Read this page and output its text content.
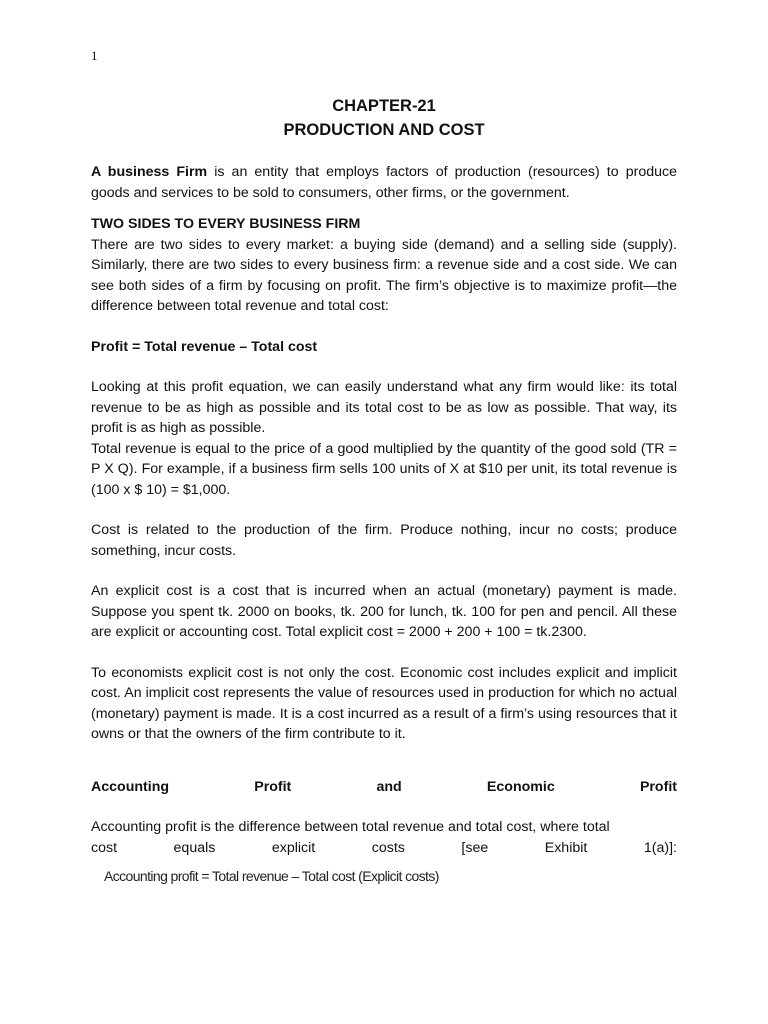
1
CHAPTER-21
PRODUCTION AND COST

A business Firm is an entity that employs factors of production (resources) to produce goods and services to be sold to consumers, other firms, or the government.

TWO SIDES TO EVERY BUSINESS FIRM

There are two sides to every market: a buying side (demand) and a selling side (supply). Similarly, there are two sides to every business firm: a revenue side and a cost side. We can see both sides of a firm by focusing on profit. The firm’s objective is to maximize profit—the difference between total revenue and total cost:

Profit = Total revenue – Total cost

Looking at this profit equation, we can easily understand what any firm would like: its total revenue to be as high as possible and its total cost to be as low as possible. That way, its profit is as high as possible.

Total revenue is equal to the price of a good multiplied by the quantity of the good sold (TR = P X Q). For example, if a business firm sells 100 units of X at $10 per unit, its total revenue is (100 x $ 10) = $1,000.

Cost is related to the production of the firm. Produce nothing, incur no costs; produce something, incur costs.

An explicit cost is a cost that is incurred when an actual (monetary) payment is made. Suppose you spent tk. 2000 on books, tk. 200 for lunch, tk. 100 for pen and pencil. All these are explicit or accounting cost. Total explicit cost = 2000 + 200 + 100 = tk.2300.

To economists explicit cost is not only the cost. Economic cost includes explicit and implicit cost. An implicit cost represents the value of resources used in production for which no actual (monetary) payment is made. It is a cost incurred as a result of a firm’s using resources that it owns or that the owners of the firm contribute to it.

Accounting	Profit	and	Economic	Profit

Accounting profit is the difference between total revenue and total cost, where total

cost	equals	explicit	costs	[see	Exhibit	1(a)]:
Accounting profit = Total revenue – Total cost (Explicit costs)
